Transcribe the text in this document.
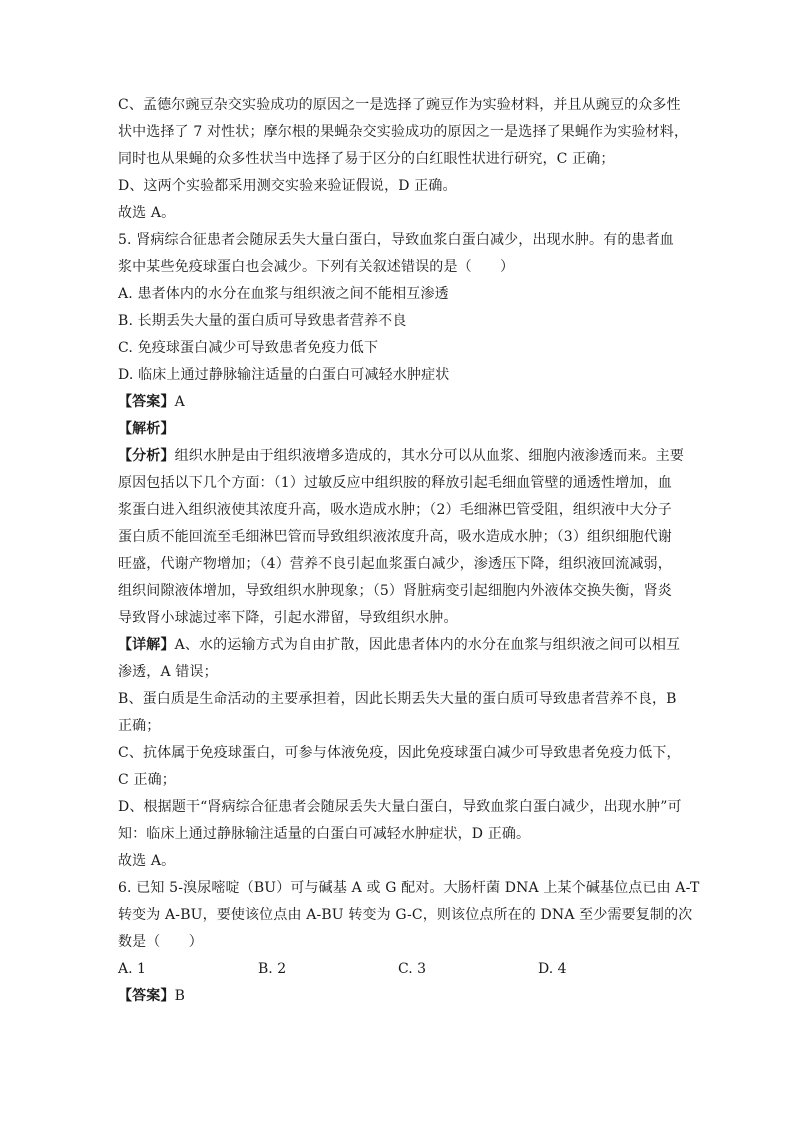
C、孟德尔豌豆杂交实验成功的原因之一是选择了豌豆作为实验材料，并且从豌豆的众多性
状中选择了 7 对性状；摩尔根的果蝇杂交实验成功的原因之一是选择了果蝇作为实验材料，
同时也从果蝇的众多性状当中选择了易于区分的白红眼性状进行研究，C 正确；
D、这两个实验都采用测交实验来验证假说，D 正确。
故选 A。
5. 肾病综合征患者会随尿丢失大量白蛋白，导致血浆白蛋白减少，出现水肿。有的患者血
浆中某些免疫球蛋白也会减少。下列有关叙述错误的是（　　）
A. 患者体内的水分在血浆与组织液之间不能相互渗透
B. 长期丢失大量的蛋白质可导致患者营养不良
C. 免疫球蛋白减少可导致患者免疫力低下
D. 临床上通过静脉输注适量的白蛋白可减轻水肿症状
【答案】A
【解析】
【分析】组织水肿是由于组织液增多造成的，其水分可以从血浆、细胞内液渗透而来。主要
原因包括以下几个方面：（1）过敏反应中组织胺的释放引起毛细血管壁的通透性增加，血
浆蛋白进入组织液使其浓度升高，吸水造成水肿；（2）毛细淋巴管受阻，组织液中大分子
蛋白质不能回流至毛细淋巴管而导致组织液浓度升高，吸水造成水肿；（3）组织细胞代谢
旺盛，代谢产物增加；（4）营养不良引起血浆蛋白减少，渗透压下降，组织液回流减弱，
组织间隙液体增加，导致组织水肿现象；（5）肾脏病变引起细胞内外液体交换失衡，肾炎
导致肾小球滤过率下降，引起水滞留，导致组织水肿。
【详解】A、水的运输方式为自由扩散，因此患者体内的水分在血浆与组织液之间可以相互
渗透，A 错误；
B、蛋白质是生命活动的主要承担着，因此长期丢失大量的蛋白质可导致患者营养不良，B
正确；
C、抗体属于免疫球蛋白，可参与体液免疫，因此免疫球蛋白减少可导致患者免疫力低下，
C 正确；
D、根据题干“肾病综合征患者会随尿丢失大量白蛋白，导致血浆白蛋白减少，出现水肿”可
知：临床上通过静脉输注适量的白蛋白可减轻水肿症状，D 正确。
故选 A。
6. 已知 5-溴尿嘧啶（BU）可与碱基 A 或 G 配对。大肠杆菌 DNA 上某个碱基位点已由 A-T
转变为 A-BU，要使该位点由 A-BU 转变为 G-C，则该位点所在的 DNA 至少需要复制的次
数是（　　）
A. 1	B. 2	C. 3	D. 4
【答案】B
